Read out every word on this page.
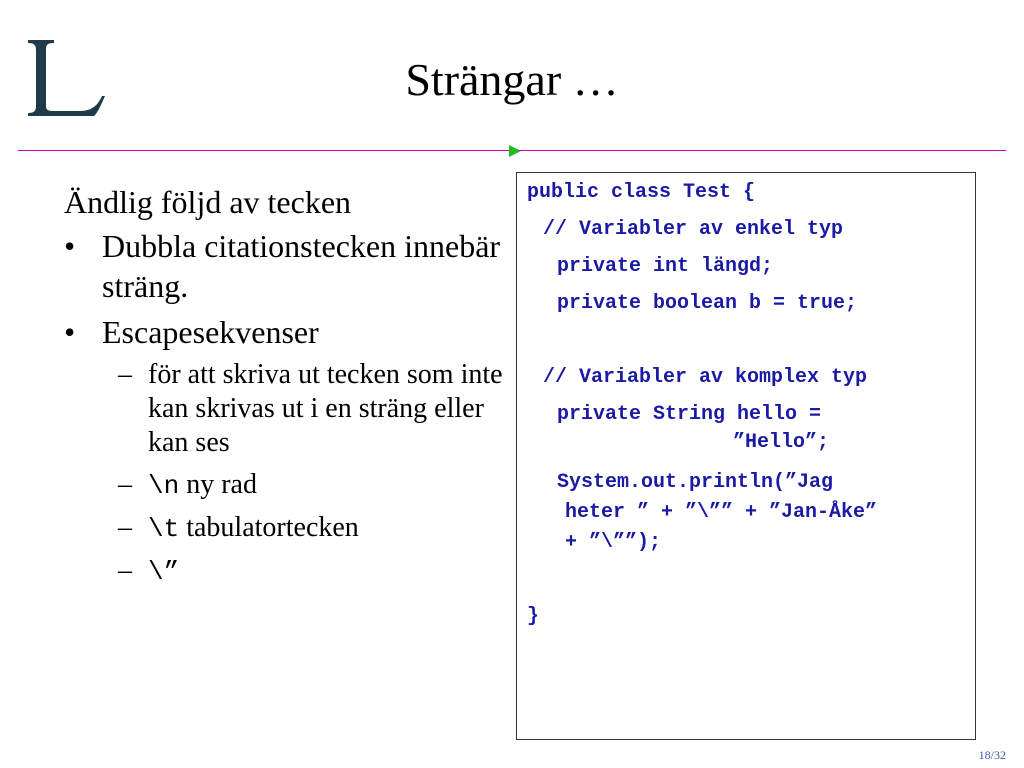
Strängar …
Ändlig följd av tecken
• Dubbla citationstecken innebär sträng.
• Escapesekvenser
– för att skriva ut tecken som inte kan skrivas ut i en sträng eller kan ses
– \n ny rad
– \t tabulatortecken
– \”
public class Test {
// Variabler av enkel typ
private int längd;
private boolean b = true;
// Variabler av komplex typ
private String hello =
”Hello”;
System.out.println(”Jag
heter ” + ”\”” + ”Jan-Åke”
+ ”\””);
}
18/32
